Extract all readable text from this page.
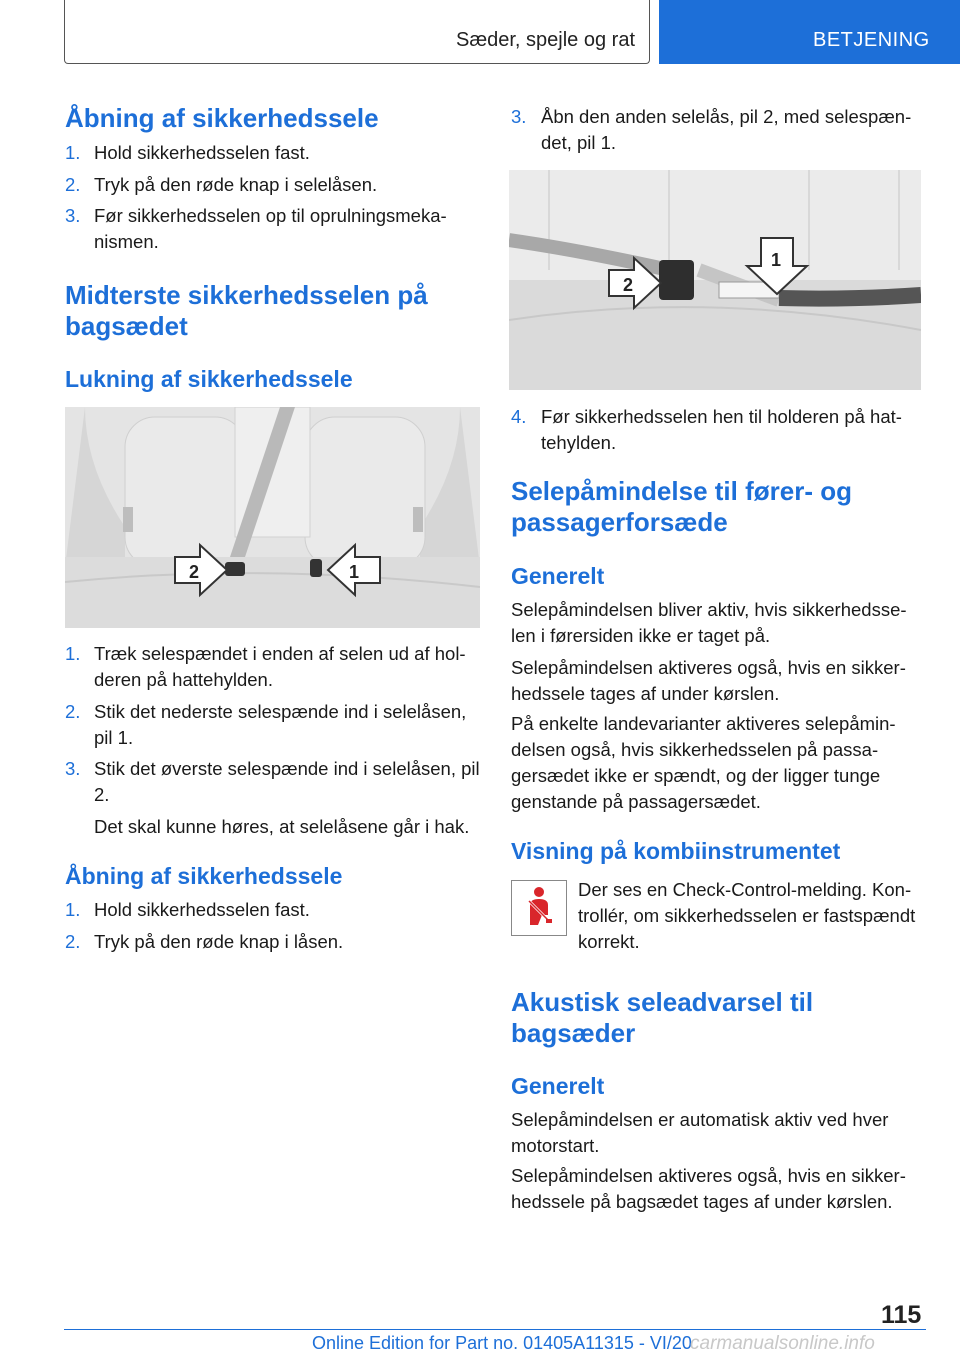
Sæder, spejle og rat	BETJENING
Åbning af sikkerhedssele
1. Hold sikkerhedsselen fast.
2. Tryk på den røde knap i selelåsen.
3. Før sikkerhedsselen op til oprulningsmeka‐nismen.
Midterste sikkerhedsselen på bagsædet
Lukning af sikkerhedssele
2	1
1. Træk selespændet i enden af selen ud af hol‐deren på hattehylden.
2. Stik det nederste selespænde ind i selelåsen, pil 1.
3. Stik det øverste selespænde ind i selelåsen, pil 2.
Det skal kunne høres, at selelåsene går i hak.
Åbning af sikkerhedssele
1. Hold sikkerhedsselen fast.
2. Tryk på den røde knap i låsen.
3. Åbn den anden selelås, pil 2, med selespæn‐det, pil 1.
2
1
4. Før sikkerhedsselen hen til holderen på hat‐tehylden.
Selepåmindelse til fører- og passagerforsæde
Generelt
Selepåmindelsen bliver aktiv, hvis sikkerhedsse‐len i førersiden ikke er taget på.
Selepåmindelsen aktiveres også, hvis en sikker‐hedssele tages af under kørslen.
På enkelte landevarianter aktiveres selepåmin‐delsen også, hvis sikkerhedsselen på passa‐gersædet ikke er spændt, og der ligger tunge genstande på passagersædet.
Visning på kombiinstrumentet
Der ses en Check-Control-melding. Kon‐trollér, om sikkerhedsselen er fastspændt korrekt.
Akustisk seleadvarsel til bagsæder
Generelt
Selepåmindelsen er automatisk aktiv ved hver motorstart.
Selepåmindelsen aktiveres også, hvis en sikker‐hedssele på bagsædet tages af under kørslen.
115
Online Edition for Part no. 01405A11315 - VI/20
carmanualsonline.info
